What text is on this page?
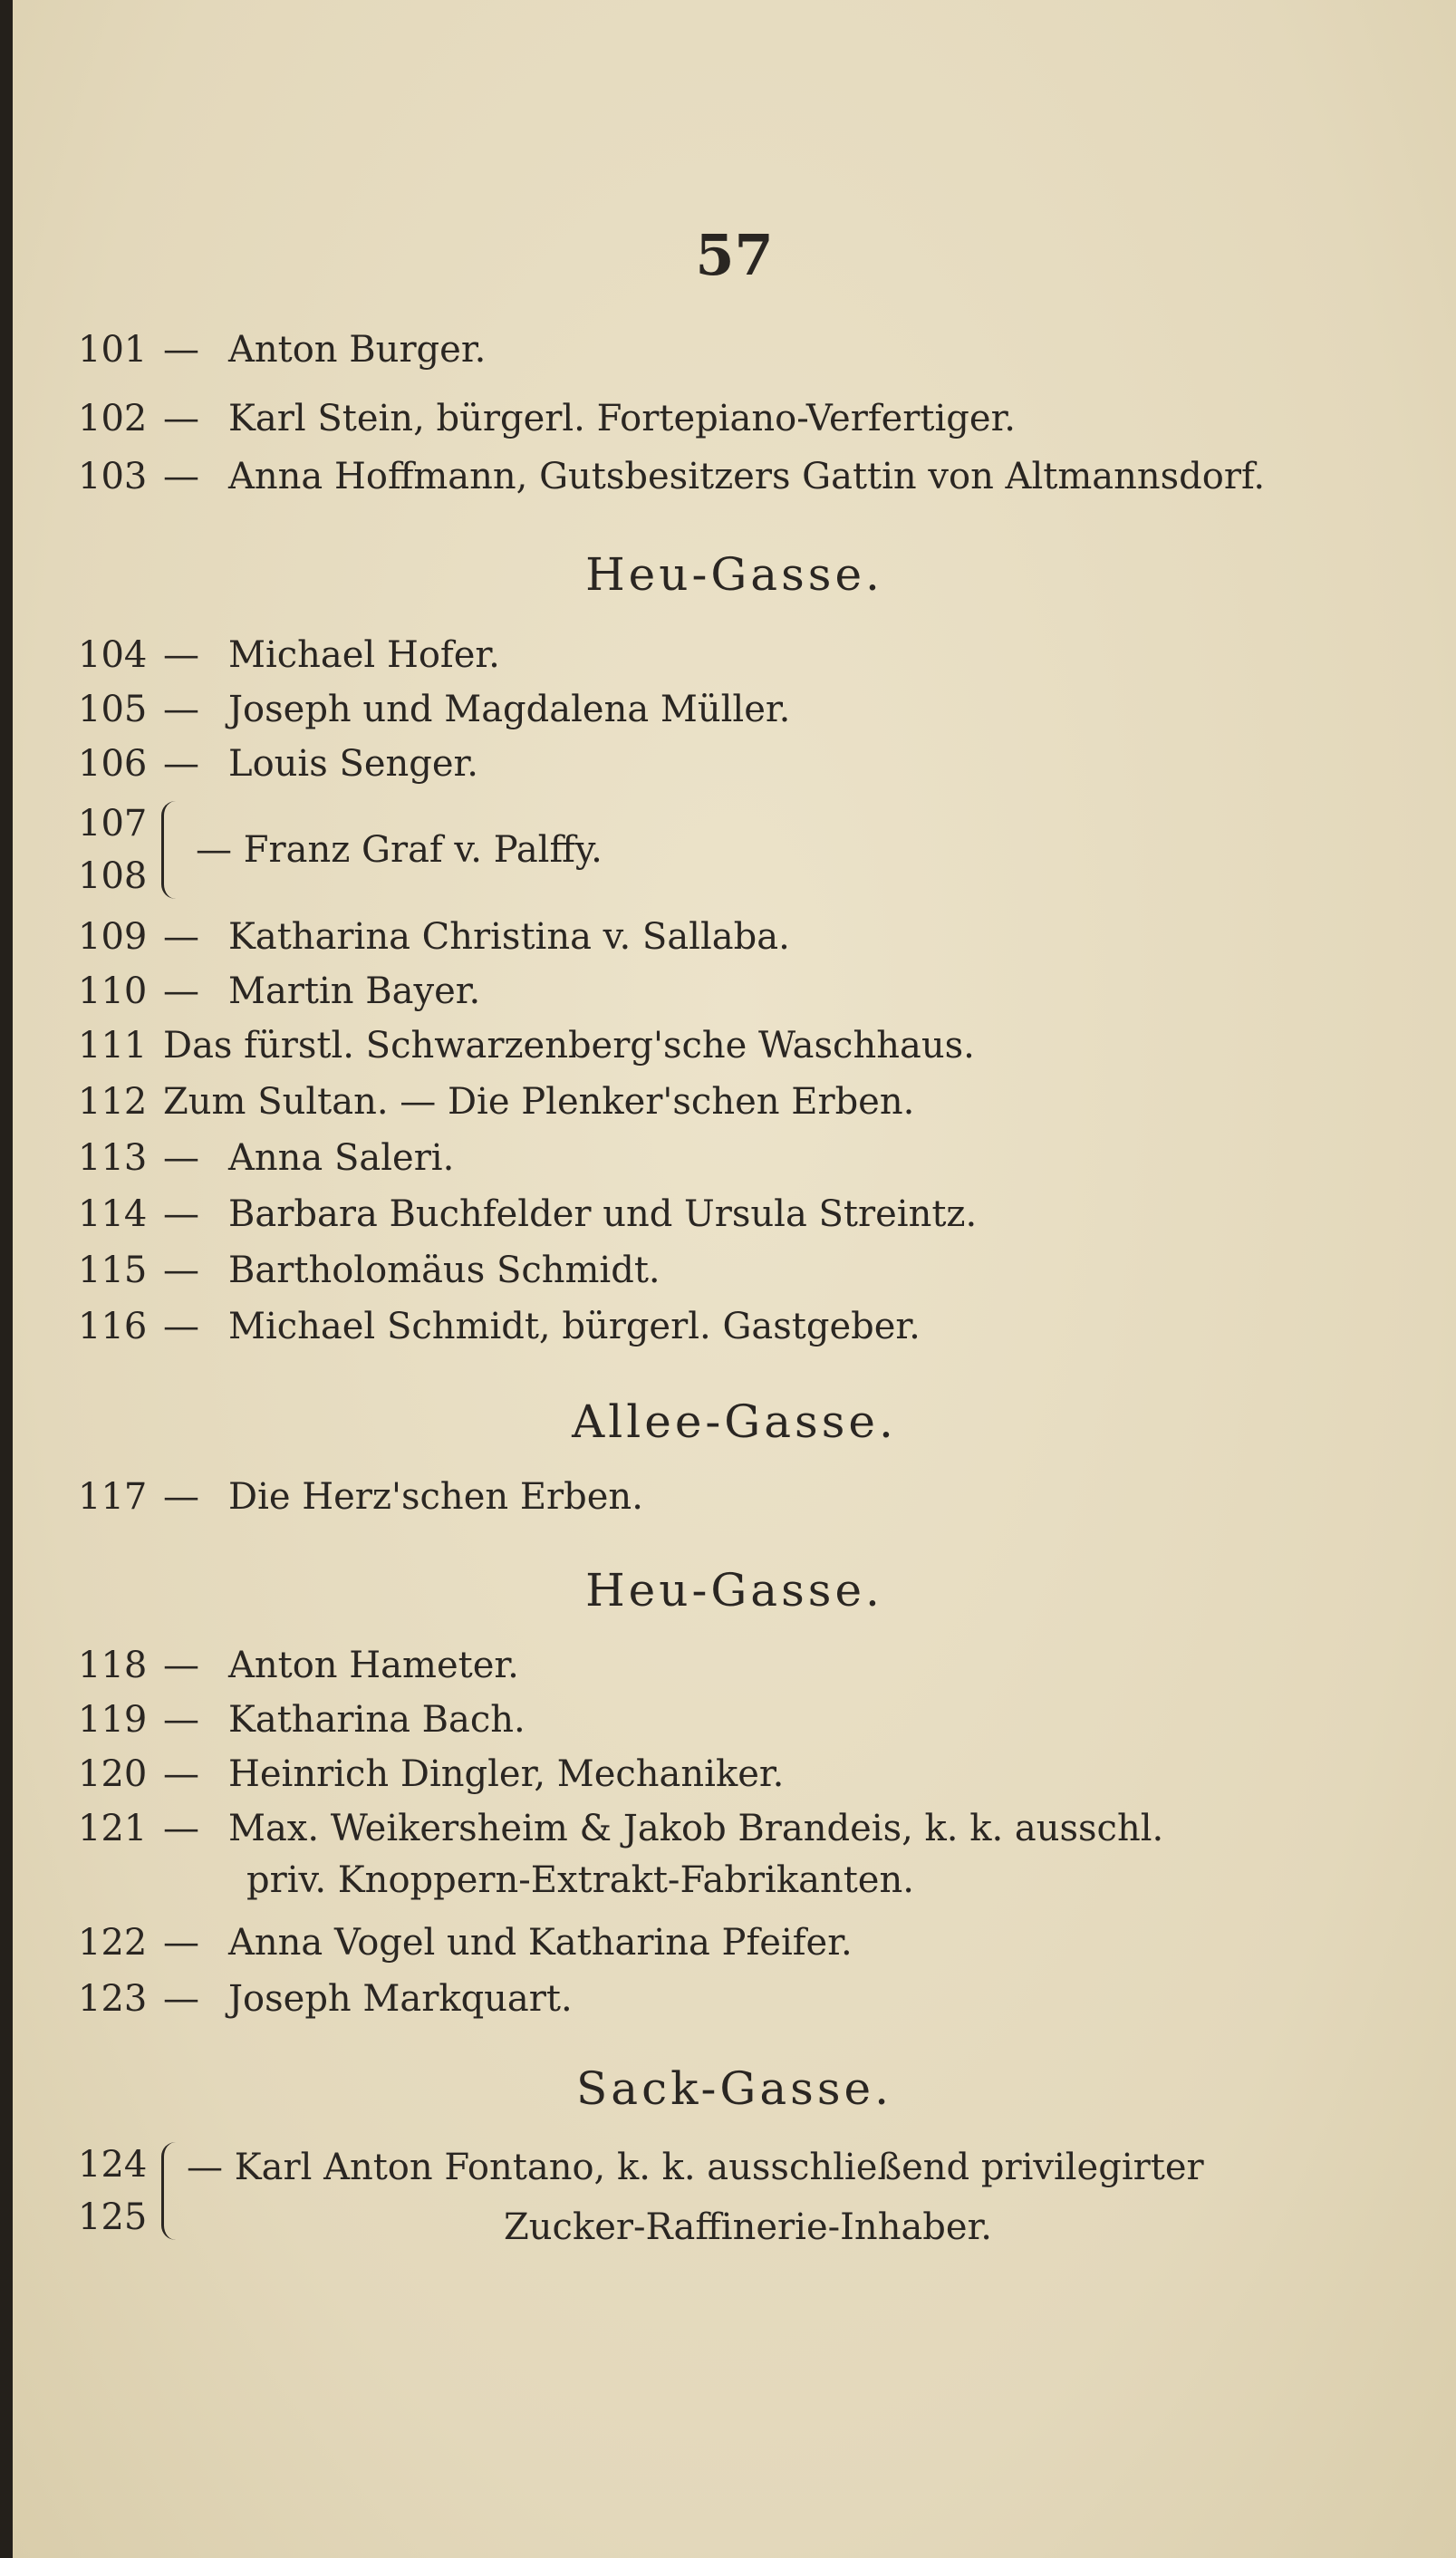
57
101 — Anton Burger.
102 — Karl Stein, bürgerl. Fortepiano-Verfertiger.
103 — Anna Hoffmann, Gutsbesitzers Gattin von Altmannsdorf.
Heu-Gasse.
104 — Michael Hofer.
105 — Joseph und Magdalena Müller.
106 — Louis Senger.
107
108
— Franz Graf v. Palffy.
109 — Katharina Christina v. Sallaba.
110 — Martin Bayer.
111 Das fürstl. Schwarzenberg'sche Waschhaus.
112 Zum Sultan. — Die Plenker'schen Erben.
113 — Anna Saleri.
114 — Barbara Buchfelder und Ursula Streintz.
115 — Bartholomäus Schmidt.
116 — Michael Schmidt, bürgerl. Gastgeber.
Allee-Gasse.
117 — Die Herz'schen Erben.
Heu-Gasse.
118 — Anton Hameter.
119 — Katharina Bach.
120 — Heinrich Dingler, Mechaniker.
121 — Max. Weikersheim & Jakob Brandeis, k. k. ausschl.
priv. Knoppern-Extrakt-Fabrikanten.
122 — Anna Vogel und Katharina Pfeifer.
123 — Joseph Markquart.
Sack-Gasse.
124
125
— Karl Anton Fontano, k. k. ausschließend privilegirter
Zucker-Raffinerie-Inhaber.
